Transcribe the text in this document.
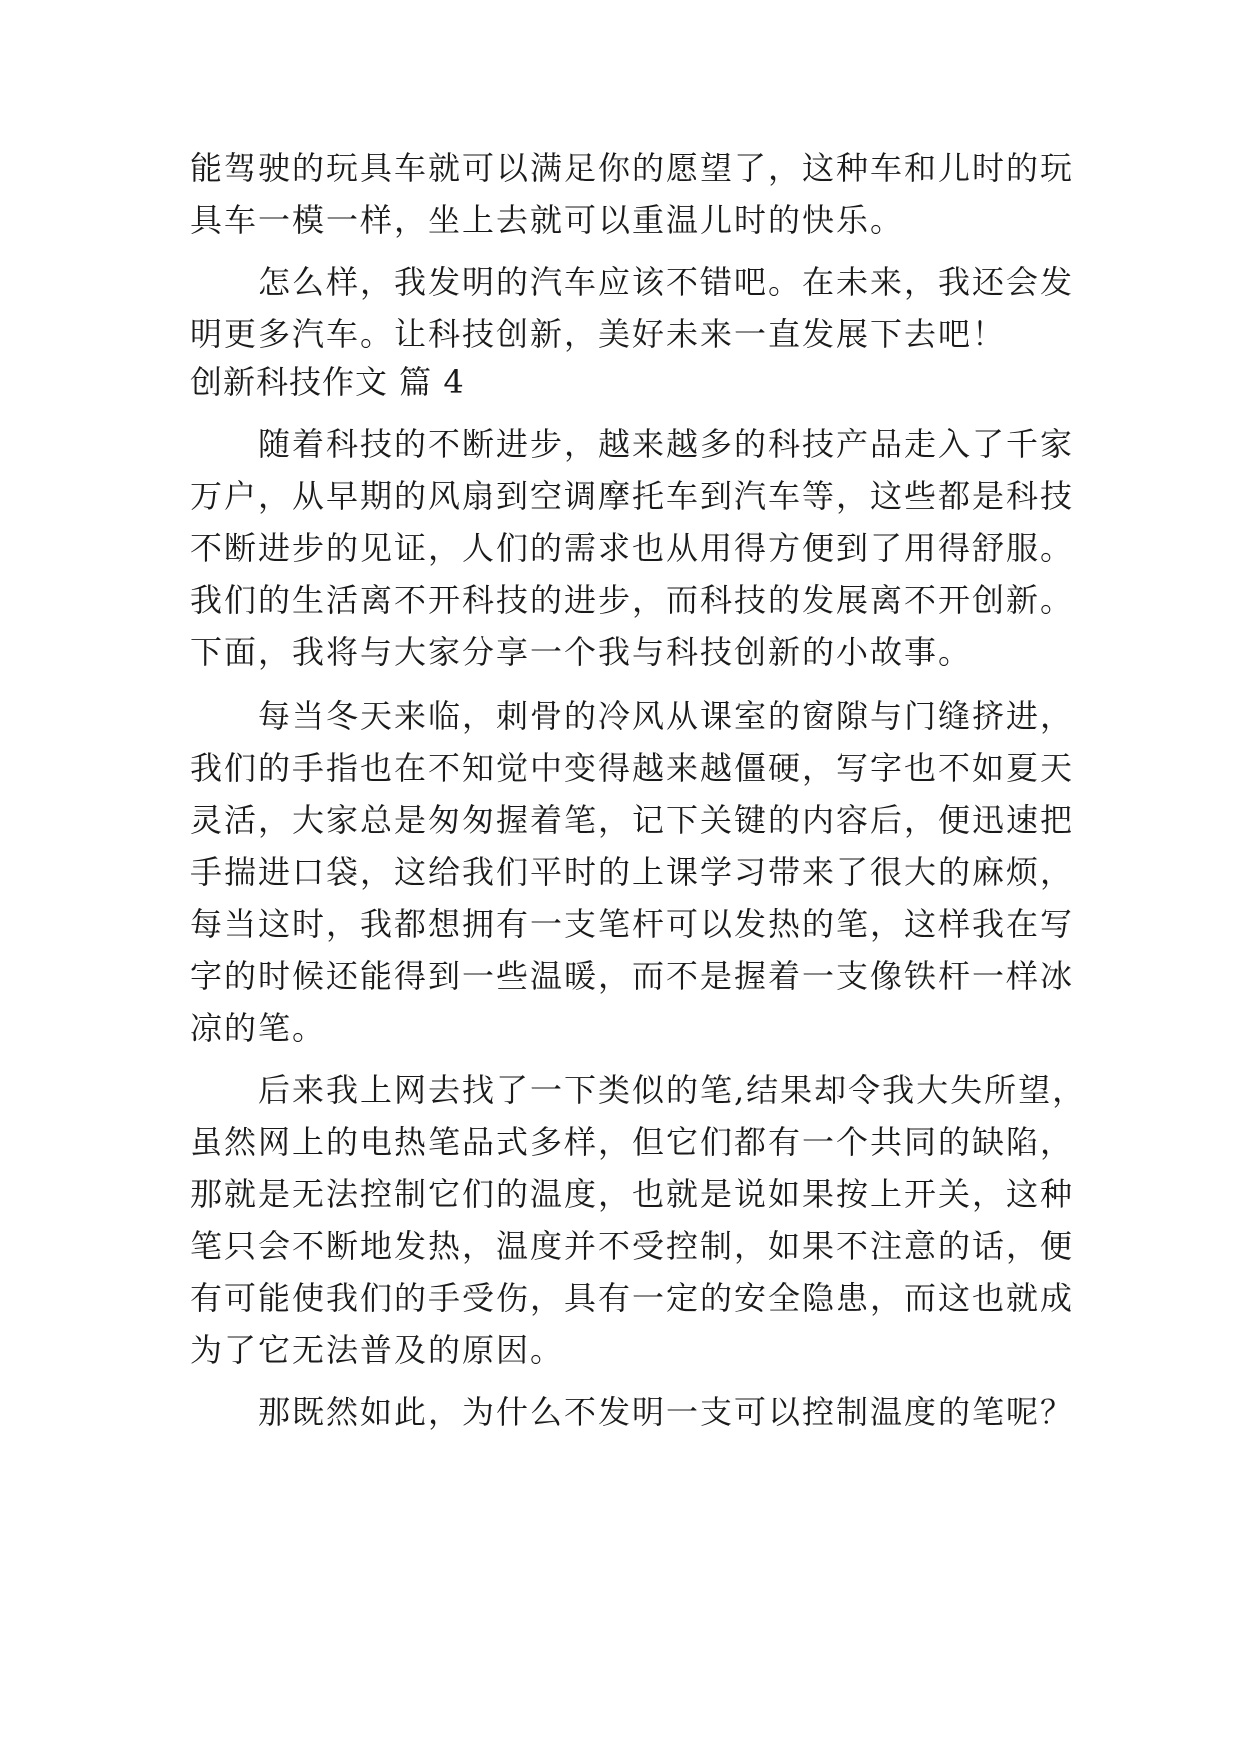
能驾驶的玩具车就可以满足你的愿望了，这种车和儿时的玩

具车一模一样，坐上去就可以重温儿时的快乐。

　　怎么样，我发明的汽车应该不错吧。在未来，我还会发

明更多汽车。让科技创新，美好未来一直发展下去吧！

创新科技作文 篇 4

　　随着科技的不断进步，越来越多的科技产品走入了千家

万户，从早期的风扇到空调摩托车到汽车等，这些都是科技

不断进步的见证，人们的需求也从用得方便到了用得舒服。

我们的生活离不开科技的进步，而科技的发展离不开创新。

下面，我将与大家分享一个我与科技创新的小故事。

　　每当冬天来临，刺骨的冷风从课室的窗隙与门缝挤进，

我们的手指也在不知觉中变得越来越僵硬，写字也不如夏天

灵活，大家总是匆匆握着笔，记下关键的内容后，便迅速把

手揣进口袋，这给我们平时的上课学习带来了很大的麻烦，

每当这时，我都想拥有一支笔杆可以发热的笔，这样我在写

字的时候还能得到一些温暖，而不是握着一支像铁杆一样冰

凉的笔。

　　后来我上网去找了一下类似的笔,结果却令我大失所望，

虽然网上的电热笔品式多样，但它们都有一个共同的缺陷，

那就是无法控制它们的温度，也就是说如果按上开关，这种

笔只会不断地发热，温度并不受控制，如果不注意的话，便

有可能使我们的手受伤，具有一定的安全隐患，而这也就成

为了它无法普及的原因。

　　那既然如此，为什么不发明一支可以控制温度的笔呢？
